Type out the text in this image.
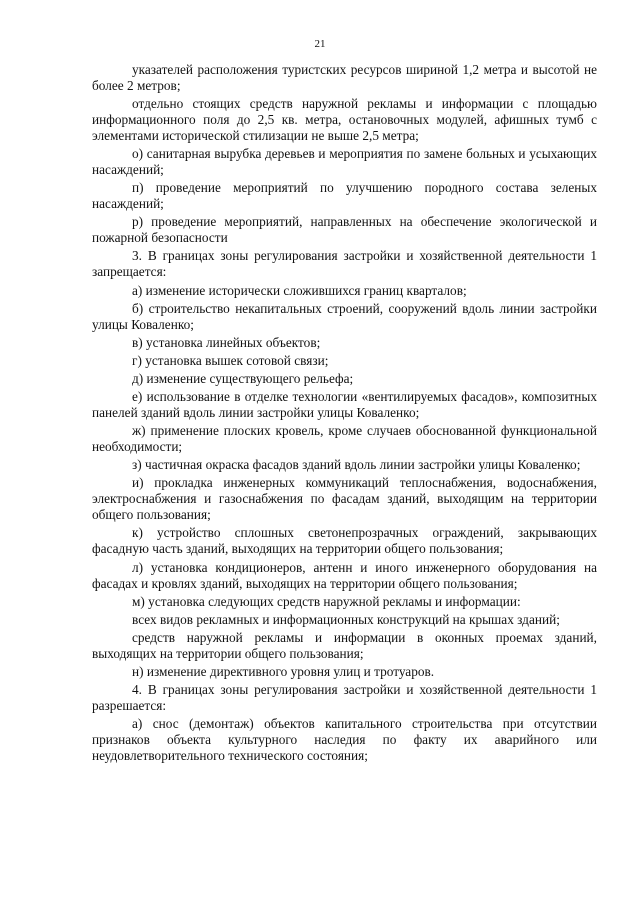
21

указателей расположения туристских ресурсов шириной 1,2 метра и высотой не более 2 метров;

отдельно стоящих средств наружной рекламы и информации с площадью информационного поля до 2,5 кв. метра, остановочных модулей, афишных тумб с элементами исторической стилизации не выше 2,5 метра;

о) санитарная вырубка деревьев и мероприятия по замене больных и усыхающих насаждений;

п) проведение мероприятий по улучшению породного состава зеленых насаждений;

р) проведение мероприятий, направленных на обеспечение экологической и пожарной безопасности

3. В границах зоны регулирования застройки и хозяйственной деятельности 1 запрещается:

а) изменение исторически сложившихся границ кварталов;

б) строительство некапитальных строений, сооружений вдоль линии застройки улицы Коваленко;

в) установка линейных объектов;

г) установка вышек сотовой связи;

д) изменение существующего рельефа;

е) использование в отделке технологии «вентилируемых фасадов», композитных панелей зданий вдоль линии застройки улицы Коваленко;

ж) применение плоских кровель, кроме случаев обоснованной функциональной необходимости;

з) частичная окраска фасадов зданий вдоль линии застройки улицы Коваленко;

и) прокладка инженерных коммуникаций теплоснабжения, водоснабжения, электроснабжения и газоснабжения по фасадам зданий, выходящим на территории общего пользования;

к) устройство сплошных светонепрозрачных ограждений, закрывающих фасадную часть зданий, выходящих на территории общего пользования;

л) установка кондиционеров, антенн и иного инженерного оборудования на фасадах и кровлях зданий, выходящих на территории общего пользования;

м) установка следующих средств наружной рекламы и информации:

всех видов рекламных и информационных конструкций на крышах зданий;

средств наружной рекламы и информации в оконных проемах зданий, выходящих на территории общего пользования;

н) изменение директивного уровня улиц и тротуаров.

4. В границах зоны регулирования застройки и хозяйственной деятельности 1 разрешается:

а) снос (демонтаж) объектов капитального строительства при отсутствии признаков объекта культурного наследия по факту их аварийного или неудовлетворительного технического состояния;
